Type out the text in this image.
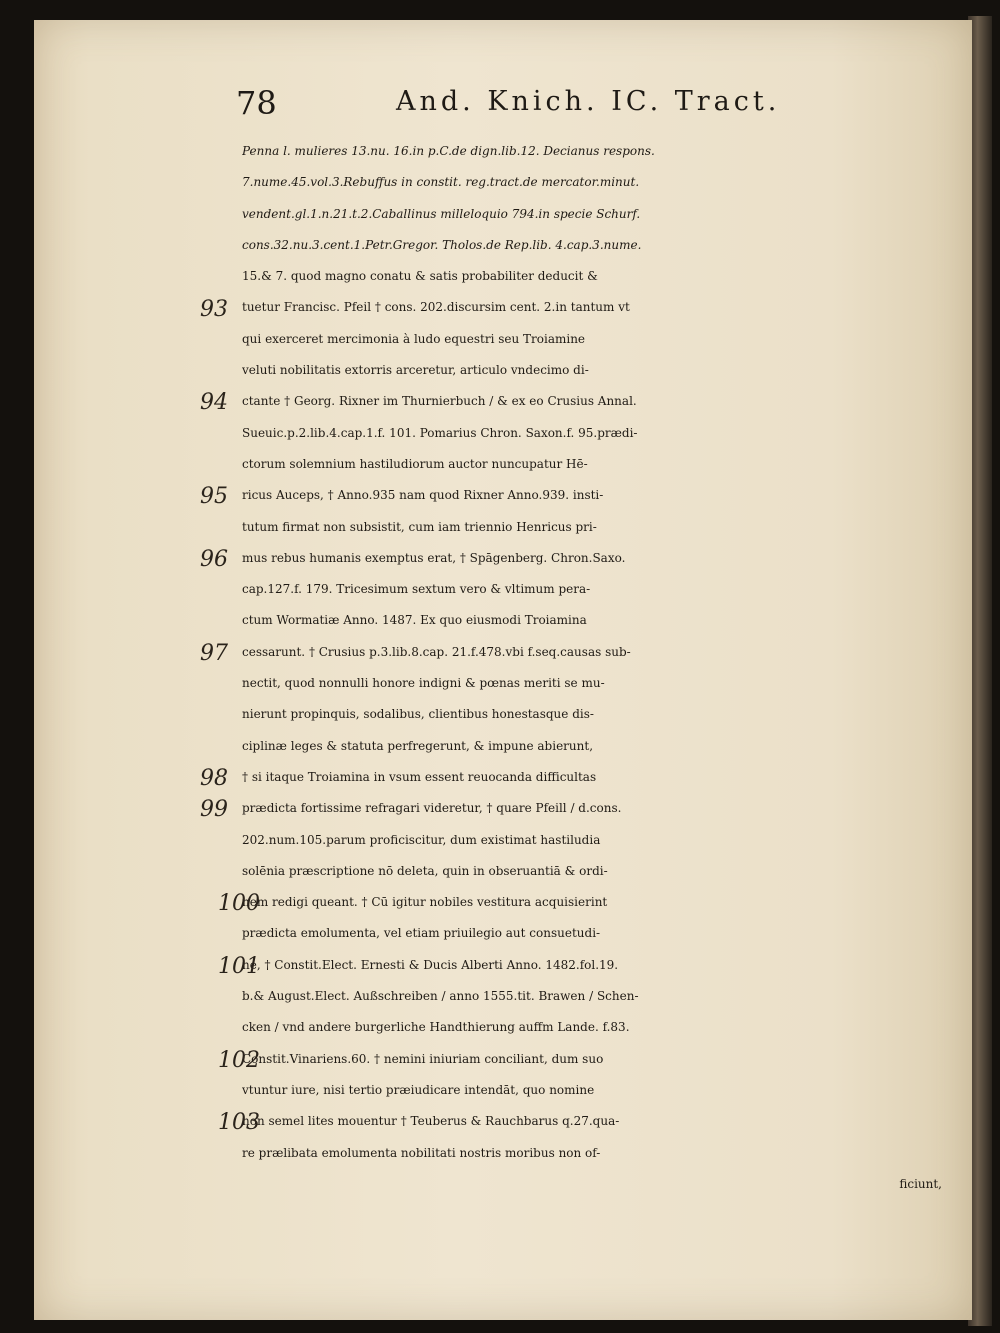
78	And. Knich. IC. Tract.
Penna l. mulieres 13.nu. 16.in p.C.de dign.lib.12. Decianus respons.
7.nume.45.vol.3.Rebuffus in constit. reg.tract.de mercator.minut.
vendent.gl.1.n.21.t.2.Caballinus milleloquio 794.in specie Schurf.
cons.32.nu.3.cent.1.Petr.Gregor. Tholos.de Rep.lib. 4.cap.3.nume.
15.& 7. quod magno conatu & satis probabiliter deducit &
tuetur Francisc. Pfeil † cons. 202.discursim cent. 2.in tantum vt
qui exerceret mercimonia à ludo equestri seu Troiamine
veluti nobilitatis extorris arceretur, articulo vndecimo di-
ctante † Georg. Rixner im Thurnierbuch / & ex eo Crusius Annal.
Sueuic.p.2.lib.4.cap.1.f. 101. Pomarius Chron. Saxon.f. 95.prædi-
ctorum solemnium hastiludiorum auctor nuncupatur Hē-
ricus Auceps, † Anno.935 nam quod Rixner Anno.939. insti-
tutum firmat non subsistit, cum iam triennio Henricus pri-
mus rebus humanis exemptus erat, † Spāgenberg. Chron.Saxo.
cap.127.f. 179. Tricesimum sextum vero & vltimum pera-
ctum Wormatiæ Anno. 1487. Ex quo eiusmodi Troiamina
cessarunt. † Crusius p.3.lib.8.cap. 21.f.478.vbi f.seq.causas sub-
nectit, quod nonnulli honore indigni & pœnas meriti se mu-
nierunt propinquis, sodalibus, clientibus honestasque dis-
ciplinæ leges & statuta perfregerunt, & impune abierunt,
† si itaque Troiamina in vsum essent reuocanda difficultas
prædicta fortissime refragari videretur, † quare Pfeill / d.cons.
202.num.105.parum proficiscitur, dum existimat hastiludia
solēnia præscriptione nō deleta, quin in obseruantiā & ordi-
nem redigi queant. † Cū igitur nobiles vestitura acquisierint
prædicta emolumenta, vel etiam priuilegio aut consuetudi-
ne, † Constit.Elect. Ernesti & Ducis Alberti Anno. 1482.fol.19.
b.& August.Elect. Außschreiben / anno 1555.tit. Brawen / Schen-
cken / vnd andere burgerliche Handthierung auffm Lande. f.83.
Constit.Vinariens.60. † nemini iniuriam conciliant, dum suo
vtuntur iure, nisi tertio præiudicare intendāt, quo nomine
non semel lites mouentur † Teuberus & Rauchbarus q.27.qua-
re prælibata emolumenta nobilitati nostris moribus non of-
ficiunt,
93
94
95
96
97
98
99
100
101
102
103
